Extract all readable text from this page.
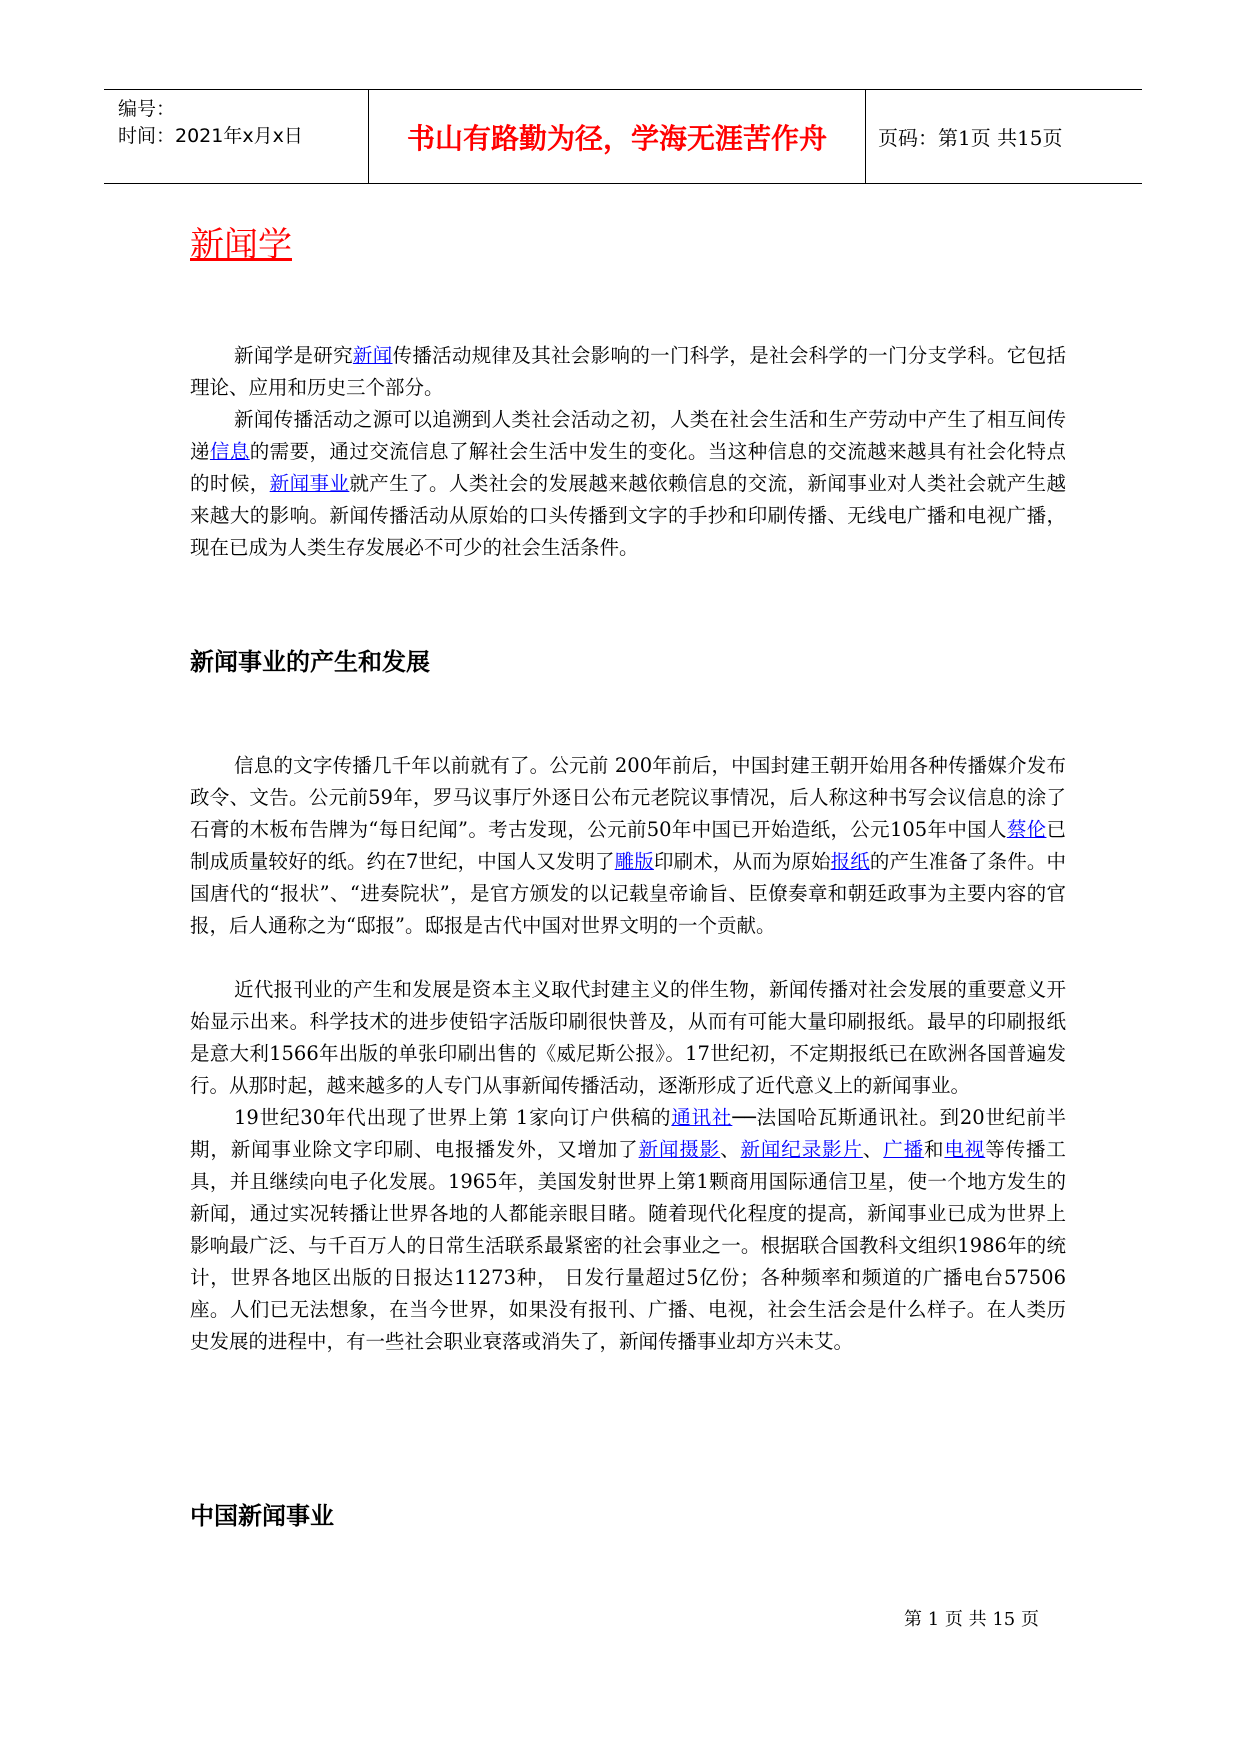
编号：
时间：2021年x月x日	书山有路勤为径，学海无涯苦作舟	页码：第1页 共15页
新闻学

新闻学是研究新闻传播活动规律及其社会影响的一门科学，是社会科学的一门分支学科。它包括理论、应用和历史三个部分。

新闻传播活动之源可以追溯到人类社会活动之初，人类在社会生活和生产劳动中产生了相互间传递信息的需要，通过交流信息了解社会生活中发生的变化。当这种信息的交流越来越具有社会化特点的时候，新闻事业就产生了。人类社会的发展越来越依赖信息的交流，新闻事业对人类社会就产生越来越大的影响。新闻传播活动从原始的口头传播到文字的手抄和印刷传播、无线电广播和电视广播，现在已成为人类生存发展必不可少的社会生活条件。

新闻事业的产生和发展

信息的文字传播几千年以前就有了。公元前 200年前后，中国封建王朝开始用各种传播媒介发布政令、文告。公元前59年，罗马议事厅外逐日公布元老院议事情况，后人称这种书写会议信息的涂了石膏的木板布告牌为“每日纪闻”。考古发现，公元前50年中国已开始造纸，公元105年中国人蔡伦已制成质量较好的纸。约在7世纪，中国人又发明了雕版印刷术，从而为原始报纸的产生准备了条件。中国唐代的“报状”、“进奏院状”，是官方颁发的以记载皇帝谕旨、臣僚奏章和朝廷政事为主要内容的官报，后人通称之为“邸报”。邸报是古代中国对世界文明的一个贡献。

近代报刊业的产生和发展是资本主义取代封建主义的伴生物，新闻传播对社会发展的重要意义开始显示出来。科学技术的进步使铅字活版印刷很快普及，从而有可能大量印刷报纸。最早的印刷报纸是意大利1566年出版的单张印刷出售的《威尼斯公报》。17世纪初，不定期报纸已在欧洲各国普遍发行。从那时起，越来越多的人专门从事新闻传播活动，逐渐形成了近代意义上的新闻事业。

19世纪30年代出现了世界上第 1家向订户供稿的通讯社──法国哈瓦斯通讯社。到20世纪前半期，新闻事业除文字印刷、电报播发外，又增加了新闻摄影、新闻纪录影片、广播和电视等传播工具，并且继续向电子化发展。1965年，美国发射世界上第1颗商用国际通信卫星，使一个地方发生的新闻，通过实况转播让世界各地的人都能亲眼目睹。随着现代化程度的提高，新闻事业已成为世界上影响最广泛、与千百万人的日常生活联系最紧密的社会事业之一。根据联合国教科文组织1986年的统计，世界各地区出版的日报达11273种， 日发行量超过5亿份；各种频率和频道的广播电台57506座。人们已无法想象，在当今世界，如果没有报刊、广播、电视，社会生活会是什么样子。在人类历史发展的进程中，有一些社会职业衰落或消失了，新闻传播事业却方兴未艾。

中国新闻事业
第 1 页 共 15 页
